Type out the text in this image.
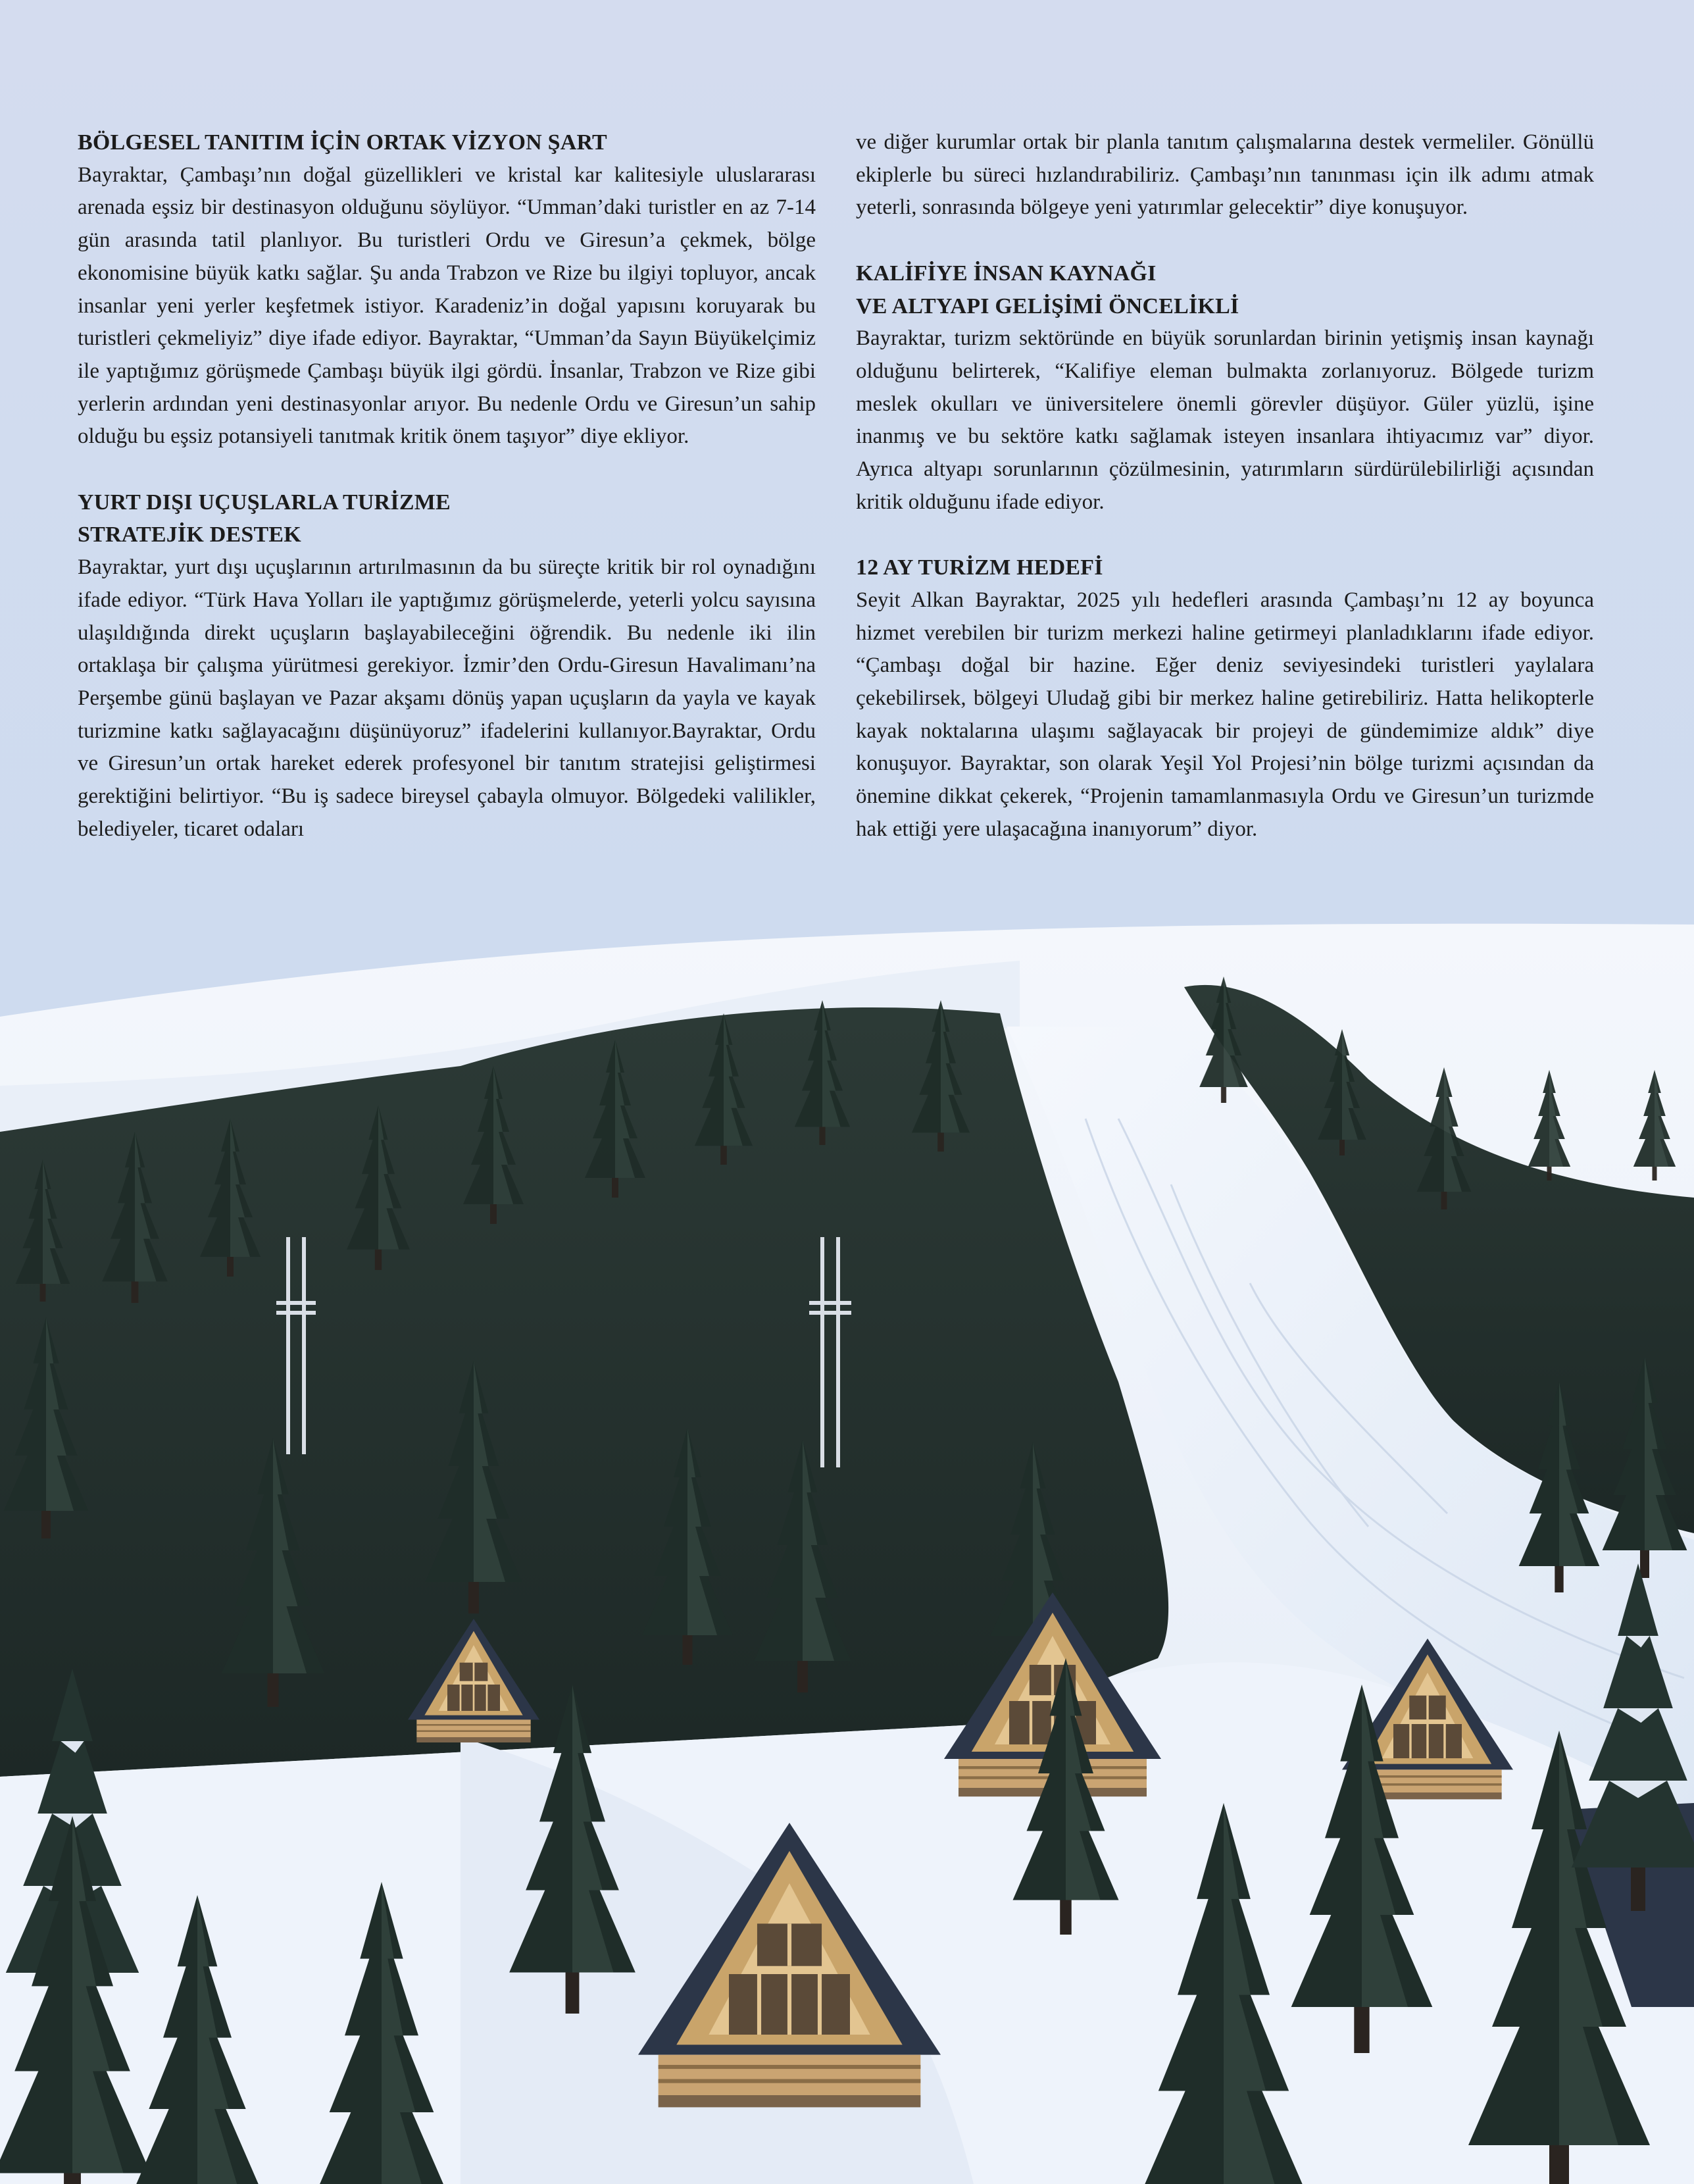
BÖLGESEL TANITIM İÇİN ORTAK VİZYON ŞART

Bayraktar, Çambaşı’nın doğal güzellikleri ve kristal kar kalitesiyle uluslararası arenada eşsiz bir destinasyon olduğunu söylüyor. “Umman’daki turistler en az 7-14 gün arasında tatil planlıyor. Bu turistleri Ordu ve Giresun’a çekmek, bölge ekonomisine büyük katkı sağlar. Şu anda Trabzon ve Rize bu ilgiyi topluyor, ancak insanlar yeni yerler keşfetmek istiyor. Karadeniz’in doğal yapısını koruyarak bu turistleri çekmeliyiz” diye ifade ediyor. Bayraktar, “Umman’da Sayın Büyükelçimiz ile yaptığımız görüşmede Çambaşı büyük ilgi gördü. İnsanlar, Trabzon ve Rize gibi yerlerin ardından yeni destinasyonlar arıyor. Bu nedenle Ordu ve Giresun’un sahip olduğu bu eşsiz potansiyeli tanıtmak kritik önem taşıyor” diye ekliyor.

YURT DIŞI UÇUŞLARLA TURİZME
STRATEJİK DESTEK

Bayraktar, yurt dışı uçuşlarının artırılmasının da bu süreçte kritik bir rol oynadığını ifade ediyor. “Türk Hava Yolları ile yaptığımız görüşmelerde, yeterli yolcu sayısına ulaşıldığında direkt uçuşların başlayabileceğini öğrendik. Bu nedenle iki ilin ortaklaşa bir çalışma yürütmesi gerekiyor. İzmir’den Ordu-Giresun Havalimanı’na Perşembe günü başlayan ve Pazar akşamı dönüş yapan uçuşların da yayla ve kayak turizmine katkı sağlayacağını düşünüyoruz” ifadelerini kullanıyor.Bayraktar, Ordu ve Giresun’un ortak hareket ederek profesyonel bir tanıtım stratejisi geliştirmesi gerektiğini belirtiyor. “Bu iş sadece bireysel çabayla olmuyor. Bölgedeki valilikler, belediyeler, ticaret odaları

ve diğer kurumlar ortak bir planla tanıtım çalışmalarına destek vermeliler. Gönüllü ekiplerle bu süreci hızlandırabiliriz. Çambaşı’nın tanınması için ilk adımı atmak yeterli, sonrasında bölgeye yeni yatırımlar gelecektir” diye konuşuyor.

KALİFİYE İNSAN KAYNAĞI
VE ALTYAPI GELİŞİMİ ÖNCELİKLİ

Bayraktar, turizm sektöründe en büyük sorunlardan birinin yetişmiş insan kaynağı olduğunu belirterek, “Kalifiye eleman bulmakta zorlanıyoruz. Bölgede turizm meslek okulları ve üniversitelere önemli görevler düşüyor. Güler yüzlü, işine inanmış ve bu sektöre katkı sağlamak isteyen insanlara ihtiyacımız var” diyor. Ayrıca altyapı sorunlarının çözülmesinin, yatırımların sürdürülebilirliği açısından kritik olduğunu ifade ediyor.

12 AY TURİZM HEDEFİ

Seyit Alkan Bayraktar, 2025 yılı hedefleri arasında Çambaşı’nı 12 ay boyunca hizmet verebilen bir turizm merkezi haline getirmeyi planladıklarını ifade ediyor. “Çambaşı doğal bir hazine. Eğer deniz seviyesindeki turistleri yaylalara çekebilirsek, bölgeyi Uludağ gibi bir merkez haline getirebiliriz. Hatta helikopterle kayak noktalarına ulaşımı sağlayacak bir projeyi de gündemimize aldık” diye konuşuyor. Bayraktar, son olarak Yeşil Yol Projesi’nin bölge turizmi açısından da önemine dikkat çekerek, “Projenin tamamlanmasıyla Ordu ve Giresun’un turizmde hak ettiği yere ulaşacağına inanıyorum” diyor.
